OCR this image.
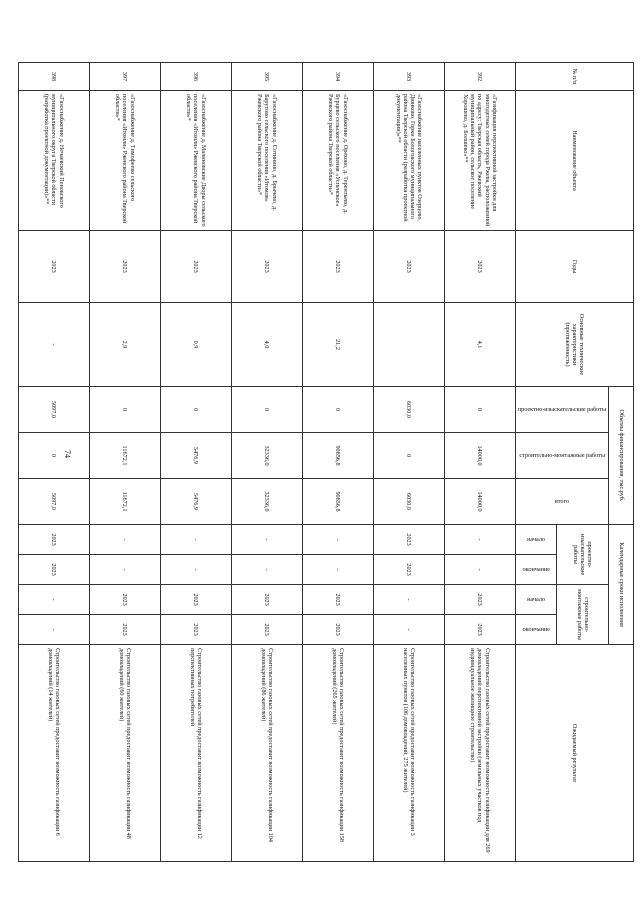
74
№ п/п	Наименование объекта	Годы	Основные технические характеристики (протяженность)	Объемы финансирования, тыс.руб.			Календарные сроки исполнения				Ожидаемый результат

				проектно-изыскательские работы	строительно-монтажные работы	итого	проектно-изыскательские работы		строительно-монтажные работы		

							начало	окончание	начало	окончание	

392	«Газификация перспективной застройки для многодетных семей города Ржева, расположенной по адресу: Тверская область, Ржевский муниципальный район, сельское поселение Хорошево, д. Болшево»**	2023	4,1	0	14000,0	14000,0	-	-	2023	2023	Строительство газовых сетей предоставит возможность газификации для 269 домовладений перспективной застройки (земельных участков под индивидуальное жилищное строительство)
393	«Газоснабжение населенных пунктов Озерцово, Дюнково, Горки Бологовского муниципального района Тверской области (разработка проектной документации)»**	2023		6030,0	0	6030,0	2023	2023	-	-	Строительство газовых сетей предоставит возможность газификации 3 населенных пунктов (106 домовладений, 275 жителей)
394	«Газоснабжение д. Орехово, д. Терентьево, д. Бурцево сельского поселения «Успенское» Ржевского района Тверской области»*	2023	21,2	0	90856,8	90856,8	-	-	2023	2023	Строительство газовых сетей предоставит возможность газификации 158 домовладений (265 жителей)
395	«Газоснабжение д. Сотинино, д. Брычево, д. Барутово сельского поселения «Итомля» Ржевского района Тверской области»*	2023	4,0	0	32336,0	32336,0	-	-	2023	2023	Строительство газовых сетей предоставит возможность газификации 104 домовладений (86 жителей)
396	«Газоснабжение д. Малиновские Дворы сельского поселения «Итомля» Ржевского района Тверской области»*	2023	0,9	0	5476,9	5476,9	-	-	2023	2023	Строительство газовых сетей предоставит возможность газификации 12 перспективных потребителей
397	«Газоснабжение д. Тимофеево сельского поселения «Итомля» Ржевского района Тверской области»*	2023	2,9	0	11672,1	11672,1	-	-	2023	2023	Строительство газовых сетей предоставит возможность газификации 48 домовладений (60 жителей)
398	«Газоснабжение д. Нечаевский Пеновского муниципального округа Тверской области (разработка проектной документации)»**	2023	-	5097,0	0	5097,0	2023	2023	-	-	Строительство газовых сетей предоставит возможность газификации 6 домовладений (14 жителей)
